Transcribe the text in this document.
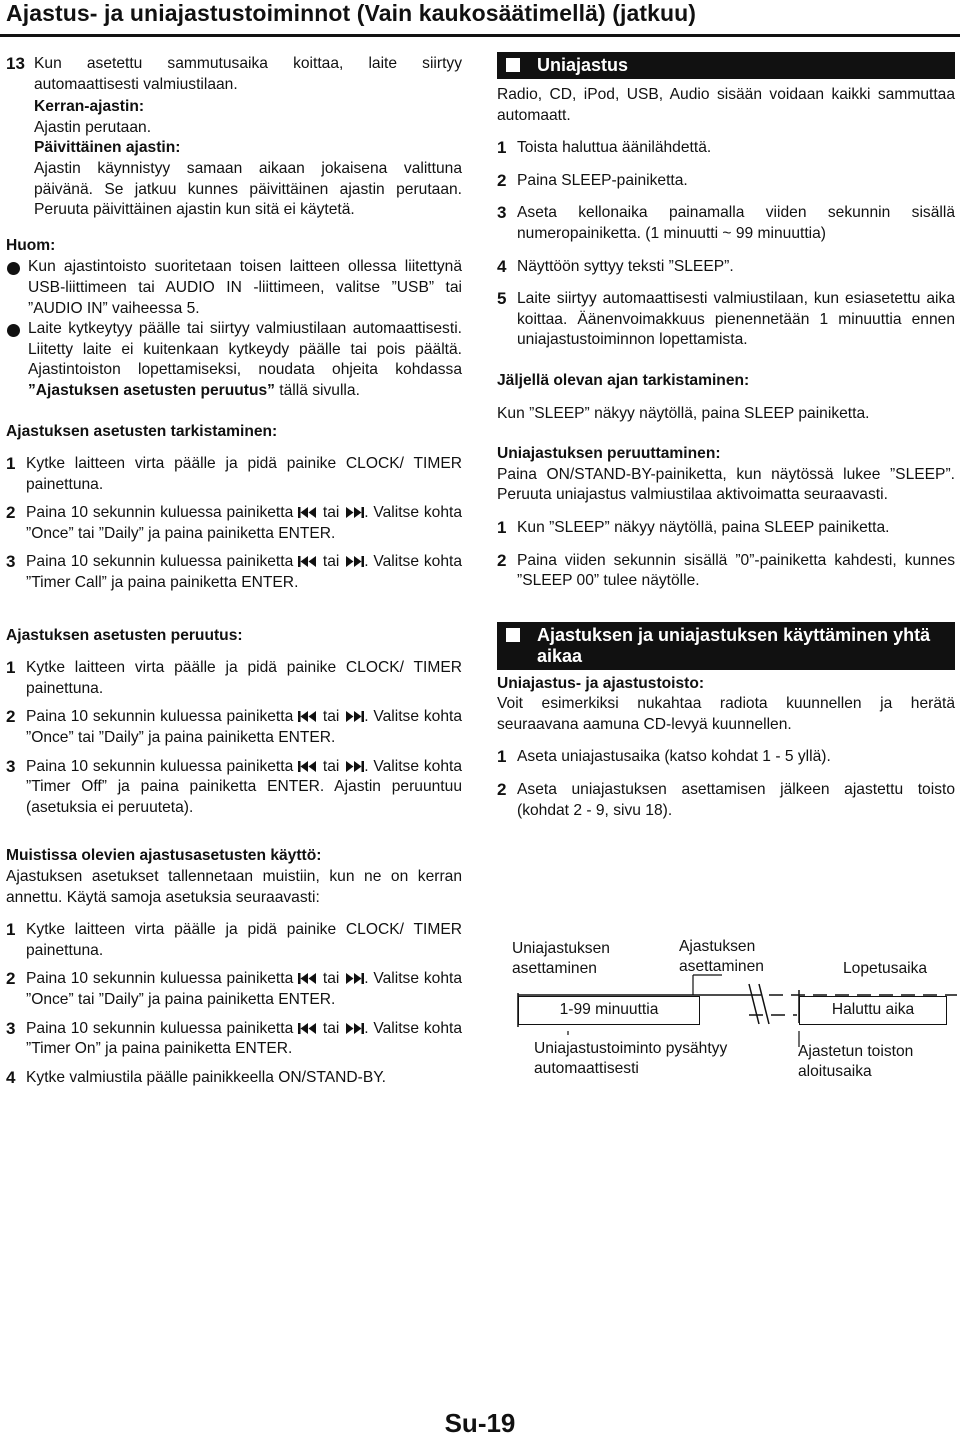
Ajastus- ja uniajastustoiminnot (Vain kaukosäätimellä) (jatkuu)
13 Kun asetettu sammutusaika koittaa, laite siirtyy automaattisesti valmiustilaan.
Kerran-ajastin:
Ajastin perutaan.
Päivittäinen ajastin:
Ajastin käynnistyy samaan aikaan jokaisena valittuna päivänä. Se jatkuu kunnes päivittäinen ajastin perutaan. Peruuta päivittäinen ajastin kun sitä ei käytetä.
Huom:
Kun ajastintoisto suoritetaan toisen laitteen ollessa liitettynä USB-liittimeen tai AUDIO IN -liittimeen, valitse ”USB” tai ”AUDIO IN” vaiheessa 5.
Laite kytkeytyy päälle tai siirtyy valmiustilaan automaattisesti. Liitetty laite ei kuitenkaan kytkeydy päälle tai pois päältä. Ajastintoiston lopettamiseksi, noudata ohjeita kohdassa ”Ajastuksen asetusten peruutus” tällä sivulla.
Ajastuksen asetusten tarkistaminen:
1 Kytke laitteen virta päälle ja pidä painike CLOCK/ TIMER painettuna.
2 Paina 10 sekunnin kuluessa painiketta  tai . Valitse kohta ”Once” tai ”Daily” ja paina painiketta ENTER.
3 Paina 10 sekunnin kuluessa painiketta  tai . Valitse kohta ”Timer Call” ja paina painiketta ENTER.
Ajastuksen asetusten peruutus:
1 Kytke laitteen virta päälle ja pidä painike CLOCK/ TIMER painettuna.
2 Paina 10 sekunnin kuluessa painiketta  tai . Valitse kohta ”Once” tai ”Daily” ja paina painiketta ENTER.
3 Paina 10 sekunnin kuluessa painiketta  tai . Valitse kohta ”Timer Off” ja paina painiketta ENTER. Ajastin peruuntuu (asetuksia ei peruuteta).
Muistissa olevien ajastusasetusten käyttö:
Ajastuksen asetukset tallennetaan muistiin, kun ne on kerran annettu. Käytä samoja asetuksia seuraavasti:
1 Kytke laitteen virta päälle ja pidä painike CLOCK/ TIMER painettuna.
2 Paina 10 sekunnin kuluessa painiketta  tai . Valitse kohta ”Once” tai ”Daily” ja paina painiketta ENTER.
3 Paina 10 sekunnin kuluessa painiketta  tai . Valitse kohta ”Timer On” ja paina painiketta ENTER.
4 Kytke valmiustila päälle painikkeella ON/STAND-BY.
Uniajastus
Radio, CD, iPod, USB, Audio sisään voidaan kaikki sammuttaa automaatt.
1 Toista haluttua äänilähdettä.
2 Paina SLEEP-painiketta.
3 Aseta kellonaika painamalla viiden sekunnin sisällä numeropainiketta. (1 minuutti ~ 99 minuuttia)
4 Näyttöön syttyy teksti ”SLEEP”.
5 Laite siirtyy automaattisesti valmiustilaan, kun esiasetettu aika koittaa. Äänenvoimakkuus pienennetään 1 minuuttia ennen uniajastustoiminnon lopettamista.
Jäljellä olevan ajan tarkistaminen:
Kun ”SLEEP” näkyy näytöllä, paina SLEEP painiketta.
Uniajastuksen peruuttaminen:
Paina ON/STAND-BY-painiketta, kun näytössä lukee ”SLEEP”. Peruuta uniajastus valmiustilaa aktivoimatta seuraavasti.
1 Kun ”SLEEP” näkyy näytöllä, paina SLEEP painiketta.
2 Paina viiden sekunnin sisällä ”0”-painiketta kahdesti, kunnes ”SLEEP 00” tulee näytölle.
Ajastuksen ja uniajastuksen käyttäminen yhtä aikaa
Uniajastus- ja ajastustoisto:
Voit esimerkiksi nukahtaa radiota kuunnellen ja herätä seuraavana aamuna CD-levyä kuunnellen.
1 Aseta uniajastusaika (katso kohdat 1 - 5 yllä).
2 Aseta uniajastuksen asettamisen jälkeen ajastettu toisto (kohdat 2 - 9, sivu 18).
Uniajastuksen
asettaminen
Ajastuksen
asettaminen	Lopetusaika
1-99 minuuttia	Haluttu aika
Uniajastustoiminto pysähtyy
automaattisesti
Ajastetun toiston
aloitusaika
Su-19
